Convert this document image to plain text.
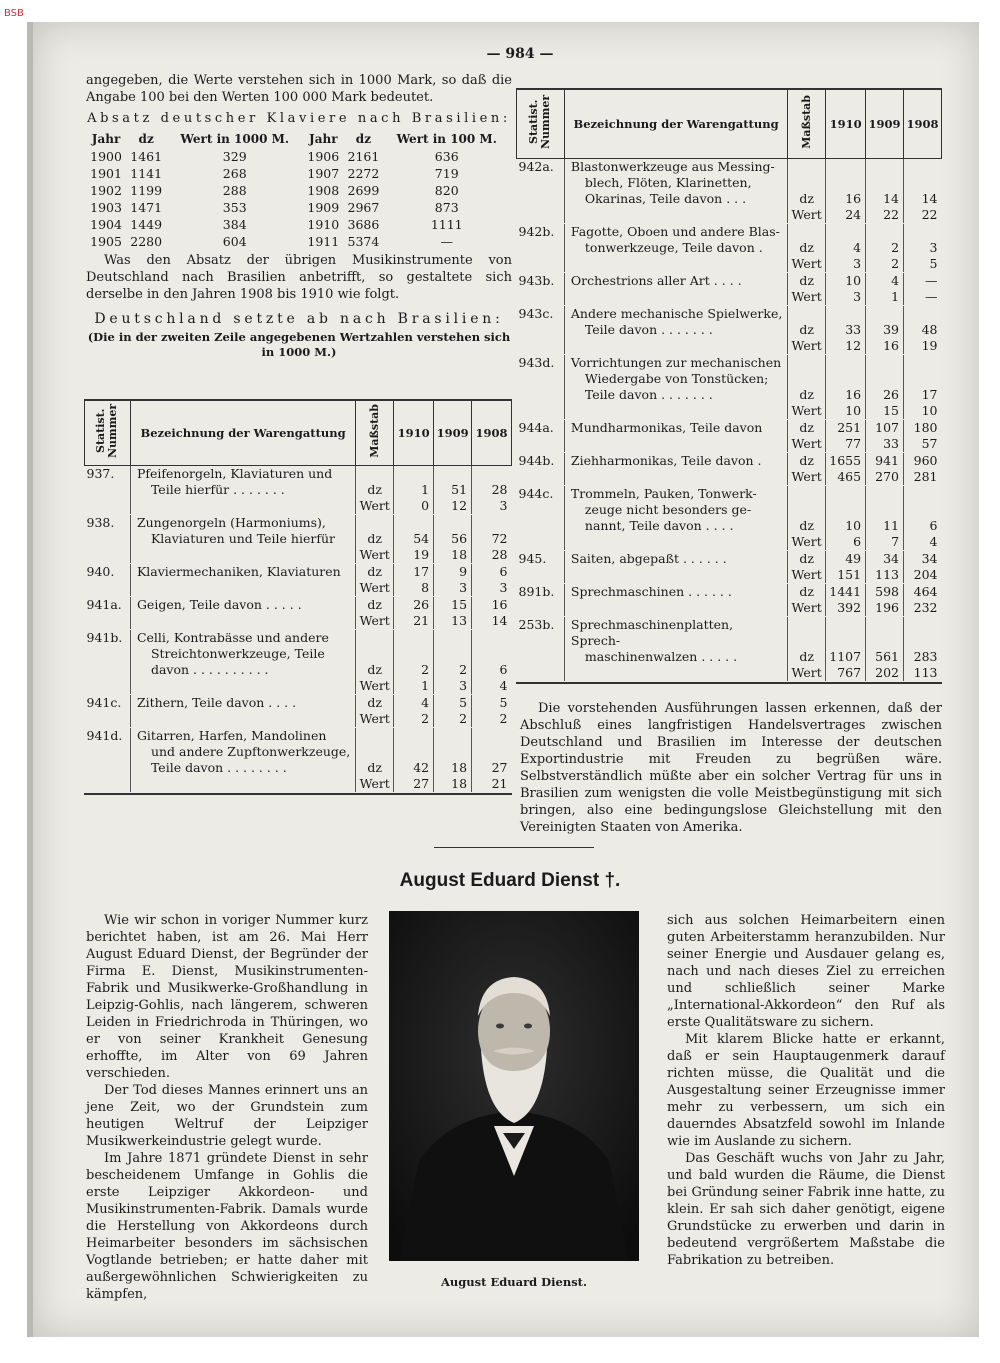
BSB
— 984 —

angegeben, die Werte verstehen sich in 1000 Mark, so daß die Angabe 100 bei den Werten 100 000 Mark bedeutet.

Absatz deutscher Klaviere nach Brasilien:
Jahr	dz	Wert in 1000 M.	Jahr	dz	Wert in 100 M.
1900	1461	329	1906	2161	636
1901	1141	268	1907	2272	719
1902	1199	288	1908	2699	820
1903	1471	353	1909	2967	873
1904	1449	384	1910	3686	1111
1905	2280	604	1911	5374	—

Was den Absatz der übrigen Musikinstrumente von Deutschland nach Brasilien anbetrifft, so gestaltete sich derselbe in den Jahren 1908 bis 1910 wie folgt.

Deutschland setzte ab nach Brasilien:
(Die in der zweiten Zeile angegebenen Wertzahlen verstehen sich in 1000 M.)
Statist. Nummer	Bezeichnung der Warengattung	Maßstab	1910	1909	1908
937.	Pfeifenorgeln, Klaviaturen und				
	Teile hierfür . . . . . . .	dz	1	51	28
		Wert	0	12	3

938.	Zungenorgeln (Harmoniums),				
	Klaviaturen und Teile hierfür	dz	54	56	72
		Wert	19	18	28

940.	Klaviermechaniken, Klaviaturen	dz	17	9	6
		Wert	8	3	3

941a.	Geigen, Teile davon . . . . .	dz	26	15	16
		Wert	21	13	14

941b.	Celli, Kontrabässe und andere				
	Streichtonwerkzeuge, Teile				
	davon . . . . . . . . . .	dz	2	2	6
		Wert	1	3	4

941c.	Zithern, Teile davon . . . .	dz	4	5	5
		Wert	2	2	2

941d.	Gitarren, Harfen, Mandolinen				
	und andere Zupftonwerkzeuge,				
	Teile davon . . . . . . . .	dz	42	18	27
		Wert	27	18	21

Statist. Nummer	Bezeichnung der Warengattung	Maßstab	1910	1909	1908
942a.	Blastonwerkzeuge aus Messing-				
	blech, Flöten, Klarinetten,				
	Okarinas, Teile davon . . .	dz	16	14	14
		Wert	24	22	22

942b.	Fagotte, Oboen und andere Blas-				
	tonwerkzeuge, Teile davon .	dz	4	2	3
		Wert	3	2	5

943b.	Orchestrions aller Art . . . .	dz	10	4	—
		Wert	3	1	—

943c.	Andere mechanische Spielwerke,				
	Teile davon . . . . . . .	dz	33	39	48
		Wert	12	16	19

943d.	Vorrichtungen zur mechanischen				
	Wiedergabe von Tonstücken;				
	Teile davon . . . . . . .	dz	16	26	17
		Wert	10	15	10

944a.	Mundharmonikas, Teile davon	dz	251	107	180
		Wert	77	33	57

944b.	Ziehharmonikas, Teile davon .	dz	1655	941	960
		Wert	465	270	281

944c.	Trommeln, Pauken, Tonwerk-				
	zeuge nicht besonders ge-				
	nannt, Teile davon . . . .	dz	10	11	6
		Wert	6	7	4

945.	Saiten, abgepaßt . . . . . .	dz	49	34	34
		Wert	151	113	204

891b.	Sprechmaschinen . . . . . .	dz	1441	598	464
		Wert	392	196	232

253b.	Sprechmaschinenplatten, Sprech-				
	maschinenwalzen . . . . .	dz	1107	561	283
		Wert	767	202	113

Die vorstehenden Ausführungen lassen erkennen, daß der Abschluß eines langfristigen Handelsvertrages zwischen Deutschland und Brasilien im Interesse der deutschen Exportindustrie mit Freuden zu begrüßen wäre. Selbstverständlich müßte aber ein solcher Vertrag für uns in Brasilien zum wenigsten die volle Meistbegünstigung mit sich bringen, also eine bedingungslose Gleichstellung mit den Vereinigten Staaten von Amerika.
August Eduard Dienst †.

Wie wir schon in voriger Nummer kurz berichtet haben, ist am 26. Mai Herr August Eduard Dienst, der Begründer der Firma E. Dienst, Musikinstrumenten-Fabrik und Musikwerke-Großhandlung in Leipzig-Gohlis, nach längerem, schweren Leiden in Friedrichroda in Thüringen, wo er von seiner Krankheit Genesung erhoffte, im Alter von 69 Jahren verschieden.

Der Tod dieses Mannes erinnert uns an jene Zeit, wo der Grundstein zum heutigen Weltruf der Leipziger Musikwerkeindustrie gelegt wurde.

Im Jahre 1871 gründete Dienst in sehr bescheidenem Umfange in Gohlis die erste Leipziger Akkordeon- und Musikinstrumenten-Fabrik. Damals wurde die Herstellung von Akkordeons durch Heimarbeiter besonders im sächsischen Vogtlande betrieben; er hatte daher mit außergewöhnlichen Schwierigkeiten zu kämpfen,

August Eduard Dienst.

sich aus solchen Heimarbeitern einen guten Arbeiterstamm heranzubilden. Nur seiner Energie und Ausdauer gelang es, nach und nach dieses Ziel zu erreichen und schließlich seiner Marke „International-Akkordeon“ den Ruf als erste Qualitätsware zu sichern.

Mit klarem Blicke hatte er erkannt, daß er sein Hauptaugenmerk darauf richten müsse, die Qualität und die Ausgestaltung seiner Erzeugnisse immer mehr zu verbessern, um sich ein dauerndes Absatzfeld sowohl im Inlande wie im Auslande zu sichern.

Das Geschäft wuchs von Jahr zu Jahr, und bald wurden die Räume, die Dienst bei Gründung seiner Fabrik inne hatte, zu klein. Er sah sich daher genötigt, eigene Grundstücke zu erwerben und darin in bedeutend vergrößertem Maßstabe die Fabrikation zu betreiben.
